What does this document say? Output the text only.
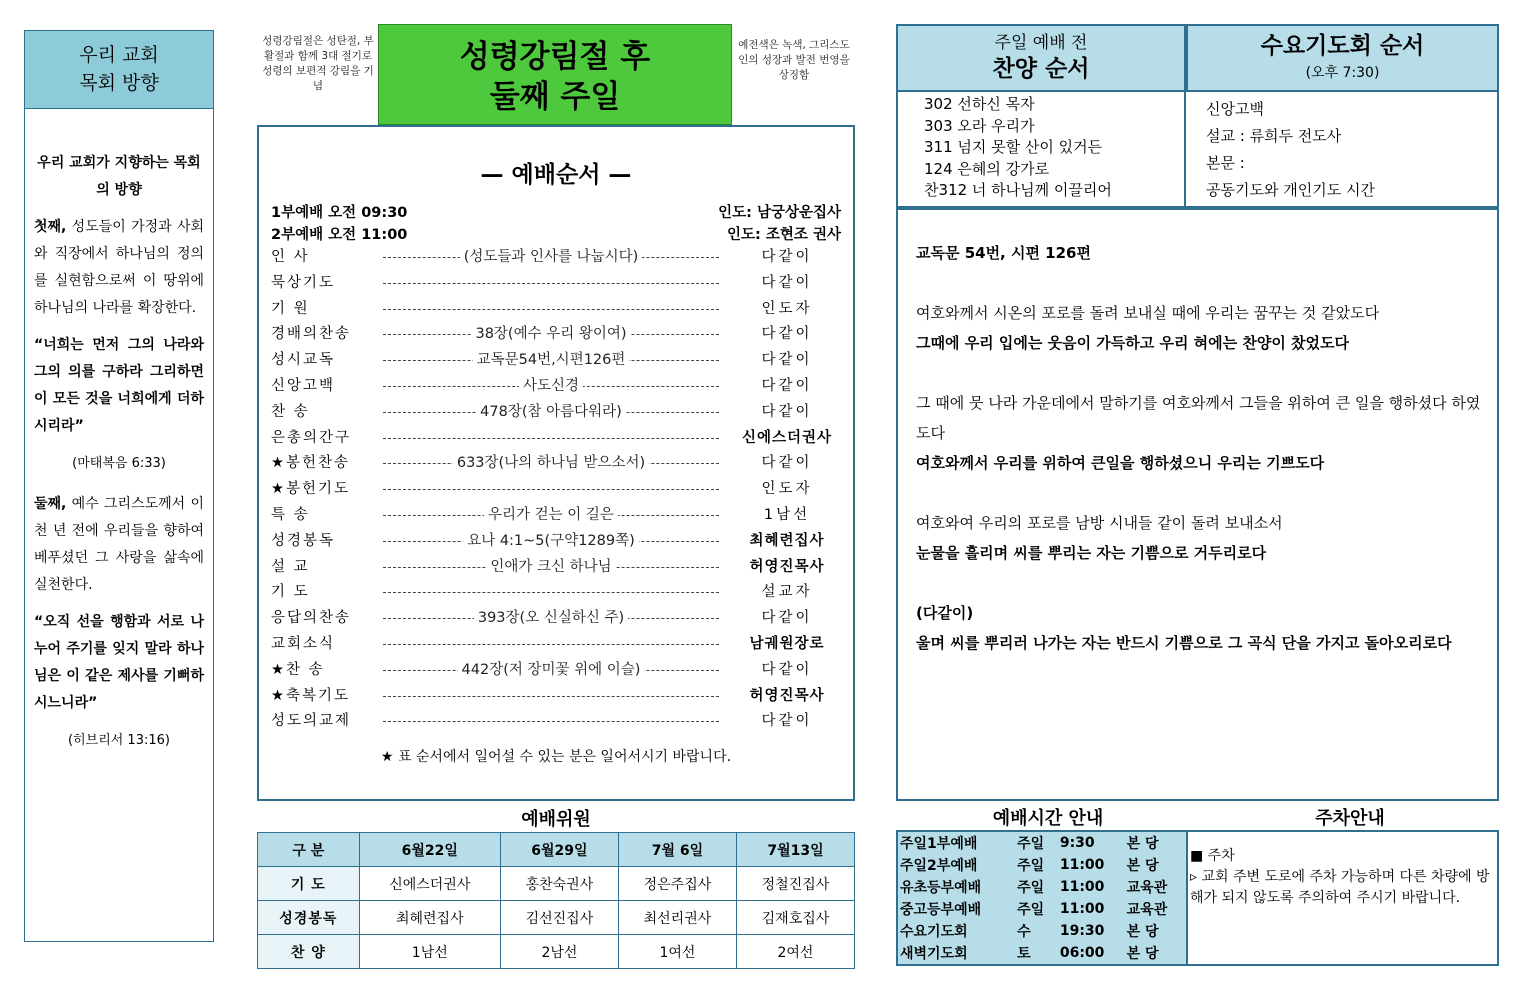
우리 교회
목회 방향

우리 교회가 지향하는 목회의 방향

첫째, 성도들이 가정과 사회와 직장에서 하나님의 정의를 실현함으로써 이 땅위에 하나님의 나라를 확장한다.

“너희는 먼저 그의 나라와 그의 의를 구하라 그리하면 이 모든 것을 너희에게 더하시리라”

(마태복음 6:33)

둘째, 예수 그리스도께서 이천 년 전에 우리들을 향하여 베푸셨던 그 사랑을 삶속에 실천한다.

“오직 선을 행함과 서로 나누어 주기를 잊지 말라 하나님은 이 같은 제사를 기뻐하시느니라”

(히브리서 13:16)

성령강림절은 성탄절, 부활절과 함께 3대 절기로 성령의 보편적 강림을 기념
성령강림절 후
둘째 주일
예전색은 녹색, 그리스도인의 성장과 발전 번영을 상징함
— 예배순서 —
1부예배 오전 09:30	인도: 남궁상운집사
2부예배 오전 11:00	인도: 조현조 권사
인 사	(성도들과 인사를 나눕시다)	다같이
묵상기도	다같이
기 원	인도자
경배의찬송	38장(예수 우리 왕이여)	다같이
성시교독	교독문54번,시편126편	다같이
신앙고백	사도신경	다같이
찬 송	478장(참 아름다워라)	다같이
은총의간구	신에스더권사
★봉헌찬송	633장(나의 하나님 받으소서)	다같이
★봉헌기도	인도자
특 송	우리가 걷는 이 길은	1남선
성경봉독	요나 4:1~5(구약1289쪽)	최혜련집사
설 교	인애가 크신 하나님	허영진목사
기 도	설교자
응답의찬송	393장(오 신실하신 주)	다같이
교회소식	남궤원장로
★찬 송	442장(저 장미꽃 위에 이슬)	다같이
★축복기도	허영진목사
성도의교제	다같이
★ 표 순서에서 일어설 수 있는 분은 일어서시기 바랍니다.
예배위원
구 분	6월22일	6월29일	7월 6일	7월13일
기 도	신에스더권사	홍찬숙권사	정은주집사	정철진집사
성경봉독	최혜련집사	김선진집사	최선리권사	김재호집사
찬 양	1남선	2남선	1여선	2여선
주일 예배 전
찬양 순서
수요기도회 순서
(오후 7:30)
302 선하신 목자
303 오라 우리가
311 넘지 못할 산이 있거든
124 은혜의 강가로
찬312 너 하나님께 이끌리어
신앙고백
설교 : 류희두 전도사
본문 :
공동기도와 개인기도 시간

교독문 54번, 시편 126편

여호와께서 시온의 포로를 돌려 보내실 때에 우리는 꿈꾸는 것 같았도다
그때에 우리 입에는 웃음이 가득하고 우리 혀에는 찬양이 찼었도다

그 때에 뭇 나라 가운데에서 말하기를 여호와께서 그들을 위하여 큰 일을 행하셨다 하였도다
여호와께서 우리를 위하여 큰일을 행하셨으니 우리는 기쁘도다

여호와여 우리의 포로를 남방 시내들 같이 돌려 보내소서
눈물을 흘리며 씨를 뿌리는 자는 기쁨으로 거두리로다

(다같이)
울며 씨를 뿌리러 나가는 자는 반드시 기쁨으로 그 곡식 단을 가지고 돌아오리로다

예배시간 안내	주차안내
주일1부예배	주일	9:30	본 당
주일2부예배	주일	11:00	본 당
유초등부예배	주일	11:00	교육관
중고등부예배	주일	11:00	교육관
수요기도회	수	19:30	본 당
새벽기도회	토	06:00	본 당
■ 주차
▹ 교회 주변 도로에 주차 가능하며 다른 차량에 방해가 되지 않도록 주의하여 주시기 바랍니다.
